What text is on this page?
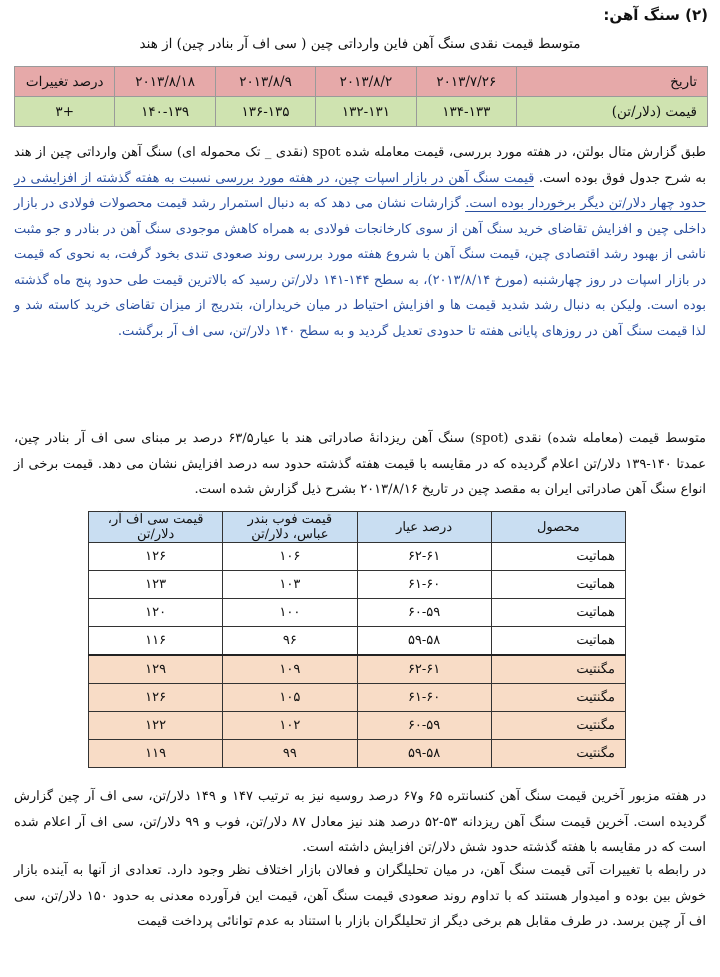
(۲) سنگ آهن:
متوسط قیمت نقدی سنگ آهن فاین وارداتی چین ( سی اف آر بنادر چین) از هند
تاریخ	۲۰۱۳/۷/۲۶	۲۰۱۳/۸/۲	۲۰۱۳/۸/۹	۲۰۱۳/۸/۱۸	درصد تغییرات
قیمت (دلار/تن)	۱۳۴-۱۳۳	۱۳۲-۱۳۱	۱۳۶-۱۳۵	۱۴۰-۱۳۹	+۳
طبق گزارش متال بولتن، در هفته مورد بررسی، قیمت معامله شده spot (نقدی _ تک محموله ای) سنگ آهن وارداتی چین از هند به شرح جدول فوق بوده است. قیمت سنگ آهن در بازار اسپات چین، در هفته مورد بررسی نسبت به هفته گذشته از افزایشی در حدود چهار دلار/تن دیگر برخوردار بوده است. گزارشات نشان می دهد که به دنبال استمرار رشد قیمت محصولات فولادی در بازار داخلی چین و افزایش تقاضای خرید سنگ آهن از سوی کارخانجات فولادی به همراه کاهش موجودی سنگ آهن در بنادر و جو مثبت ناشی از بهبود رشد اقتصادی چین، قیمت سنگ آهن با شروع هفته مورد بررسی روند صعودی تندی بخود گرفت، به نحوی که قیمت در بازار اسپات در روز چهارشنبه (مورخ ۲۰۱۳/۸/۱۴)، به سطح ۱۴۴-۱۴۱ دلار/تن رسید که بالاترین قیمت طی حدود پنج ماه گذشته بوده است. ولیکن به دنبال رشد شدید قیمت ها و افزایش احتیاط در میان خریداران، بتدریج از میزان تقاضای خرید کاسته شد و لذا قیمت سنگ آهن در روزهای پایانی هفته تا حدودی تعدیل گردید و به سطح ۱۴۰ دلار/تن، سی اف آر برگشت.
متوسط قیمت (معامله شده) نقدی (spot) سنگ آهن ریزدانهٔ صادراتی هند با عیار۶۳/۵ درصد بر مبنای سی اف آر بنادر چین، عمدتا ۱۴۰-۱۳۹ دلار/تن اعلام گردیده که در مقایسه با قیمت هفته گذشته حدود سه درصد افزایش نشان می دهد. قیمت برخی از انواع سنگ آهن صادراتی ایران به مقصد چین در تاریخ ۲۰۱۳/۸/۱۶ بشرح ذیل گزارش شده است.
محصول	درصد عیار	قیمت فوب بندر عباس، دلار/تن	قیمت سی اف آر، دلار/تن
هماتیت	۶۲-۶۱	۱۰۶	۱۲۶
هماتیت	۶۱-۶۰	۱۰۳	۱۲۳
هماتیت	۶۰-۵۹	۱۰۰	۱۲۰
هماتیت	۵۹-۵۸	۹۶	۱۱۶
مگنتیت	۶۲-۶۱	۱۰۹	۱۲۹
مگنتیت	۶۱-۶۰	۱۰۵	۱۲۶
مگنتیت	۶۰-۵۹	۱۰۲	۱۲۲
مگنتیت	۵۹-۵۸	۹۹	۱۱۹
در هفته مزبور آخرین قیمت سنگ آهن کنسانتره ۶۵ و۶۷ درصد روسیه نیز به ترتیب ۱۴۷ و ۱۴۹ دلار/تن، سی اف آر چین گزارش گردیده است. آخرین قیمت سنگ آهن ریزدانه ۵۳-۵۲ درصد هند نیز معادل ۸۷ دلار/تن، فوب و ۹۹ دلار/تن، سی اف آر اعلام شده است که در مقایسه با هفته گذشته حدود شش دلار/تن افزایش داشته است.
در رابطه با تغییرات آتی قیمت سنگ آهن، در میان تحلیلگران و فعالان بازار اختلاف نظر وجود دارد. تعدادی از آنها به آینده بازار خوش بین بوده و امیدوار هستند که با تداوم روند صعودی قیمت سنگ آهن، قیمت این فرآورده معدنی به حدود ۱۵۰ دلار/تن، سی اف آر چین برسد. در طرف مقابل هم برخی دیگر از تحلیلگران بازار با استناد به عدم توانائی پرداخت قیمت
